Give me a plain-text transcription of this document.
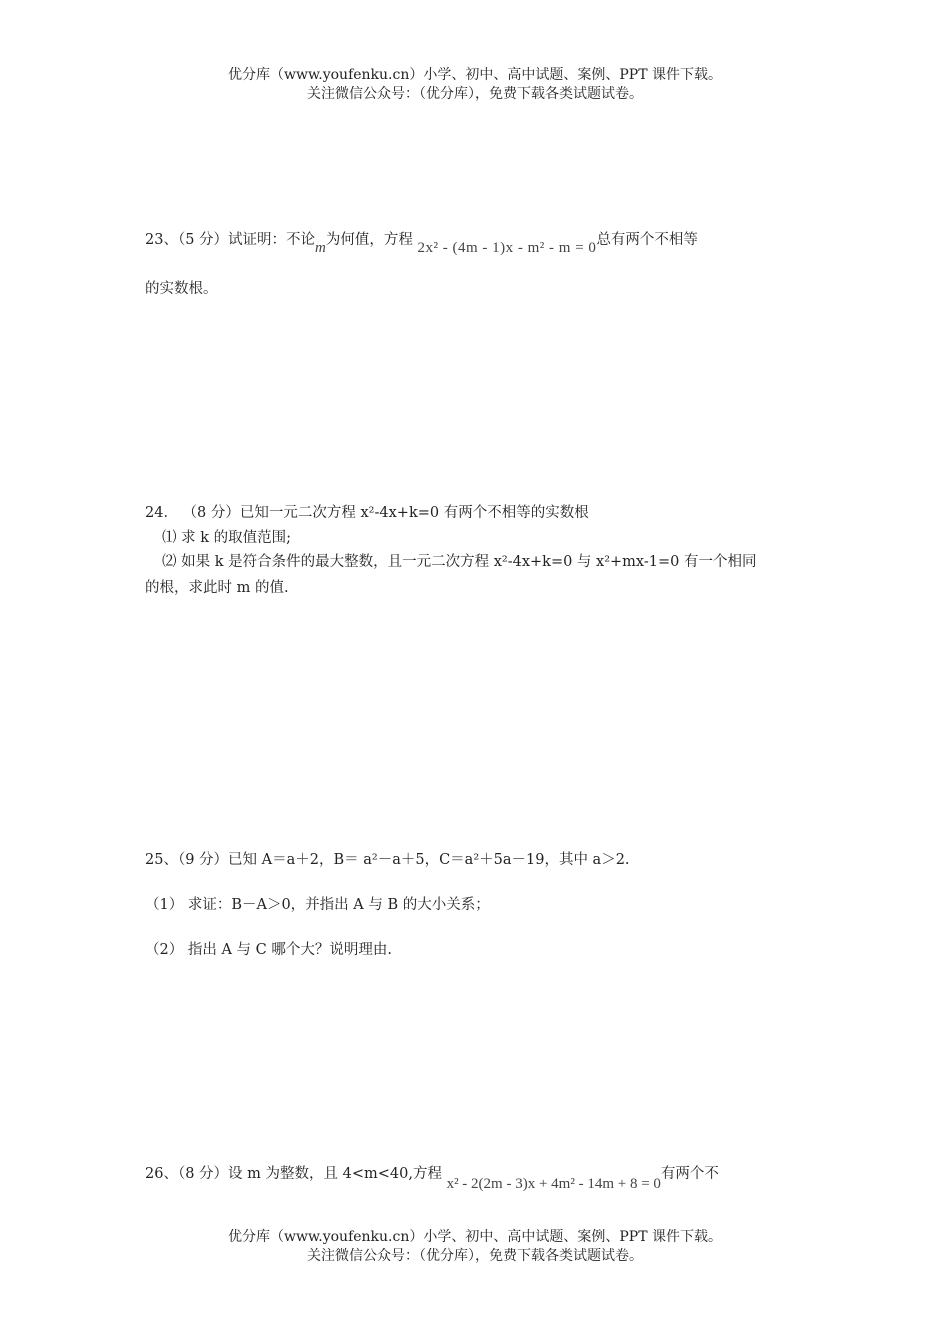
优分库（www.youfenku.cn）小学、初中、高中试题、案例、PPT 课件下载。
关注微信公众号：（优分库），免费下载各类试题试卷。
23、（5 分）试证明：不论m为何值，方程 2x² - (4m - 1)x - m² - m = 0总有两个不相等
的实数根。
24． （8 分）已知一元二次方程 x²-4x+k=0 有两个不相等的实数根
⑴ 求 k 的取值范围;
⑵ 如果 k 是符合条件的最大整数，且一元二次方程 x²-4x+k=0 与 x²+mx-1=0 有一个相同
的根，求此时 m 的值.
25、（9 分）已知 A＝a＋2，B＝ a²－a＋5，C＝a²＋5a－19，其中 a＞2.
（1） 求证：B－A＞0，并指出 A 与 B 的大小关系；
（2） 指出 A 与 C 哪个大？说明理由.
26、（8 分）设 m 为整数，且 4<m<40,方程 x² - 2(2m - 3)x + 4m² - 14m + 8 = 0有两个不
优分库（www.youfenku.cn）小学、初中、高中试题、案例、PPT 课件下载。
关注微信公众号：（优分库），免费下载各类试题试卷。
